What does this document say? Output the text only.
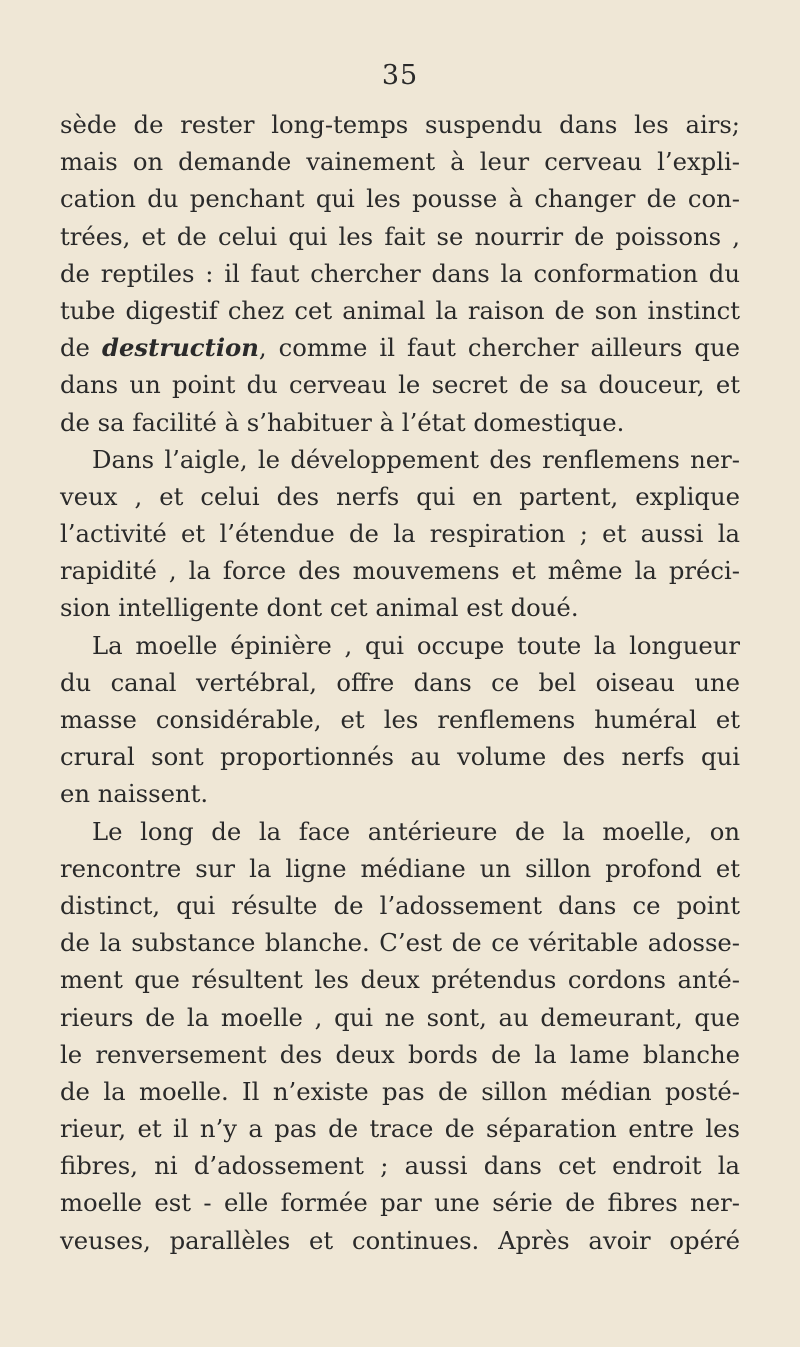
35
sède de rester long-temps suspendu dans les airs;
mais on demande vainement à leur cerveau l’expli-
cation du penchant qui les pousse à changer de con-
trées, et de celui qui les fait se nourrir de poissons ,
de reptiles : il faut chercher dans la conformation du
tube digestif chez cet animal la raison de son instinct
de destruction, comme il faut chercher ailleurs que
dans un point du cerveau le secret de sa douceur, et
de sa facilité à s’habituer à l’état domestique.
Dans l’aigle, le développement des renflemens ner-
veux , et celui des nerfs qui en partent, explique
l’activité et l’étendue de la respiration ; et aussi la
rapidité , la force des mouvemens et même la préci-
sion intelligente dont cet animal est doué.
La moelle épinière , qui occupe toute la longueur
du canal vertébral, offre dans ce bel oiseau une
masse considérable, et les renflemens huméral et
crural sont proportionnés au volume des nerfs qui
en naissent.
Le long de la face antérieure de la moelle, on
rencontre sur la ligne médiane un sillon profond et
distinct, qui résulte de l’adossement dans ce point
de la substance blanche. C’est de ce véritable adosse-
ment que résultent les deux prétendus cordons anté-
rieurs de la moelle , qui ne sont, au demeurant, que
le renversement des deux bords de la lame blanche
de la moelle. Il n’existe pas de sillon médian posté-
rieur, et il n’y a pas de trace de séparation entre les
fibres, ni d’adossement ; aussi dans cet endroit la
moelle est - elle formée par une série de fibres ner-
veuses, parallèles et continues. Après avoir opéré
